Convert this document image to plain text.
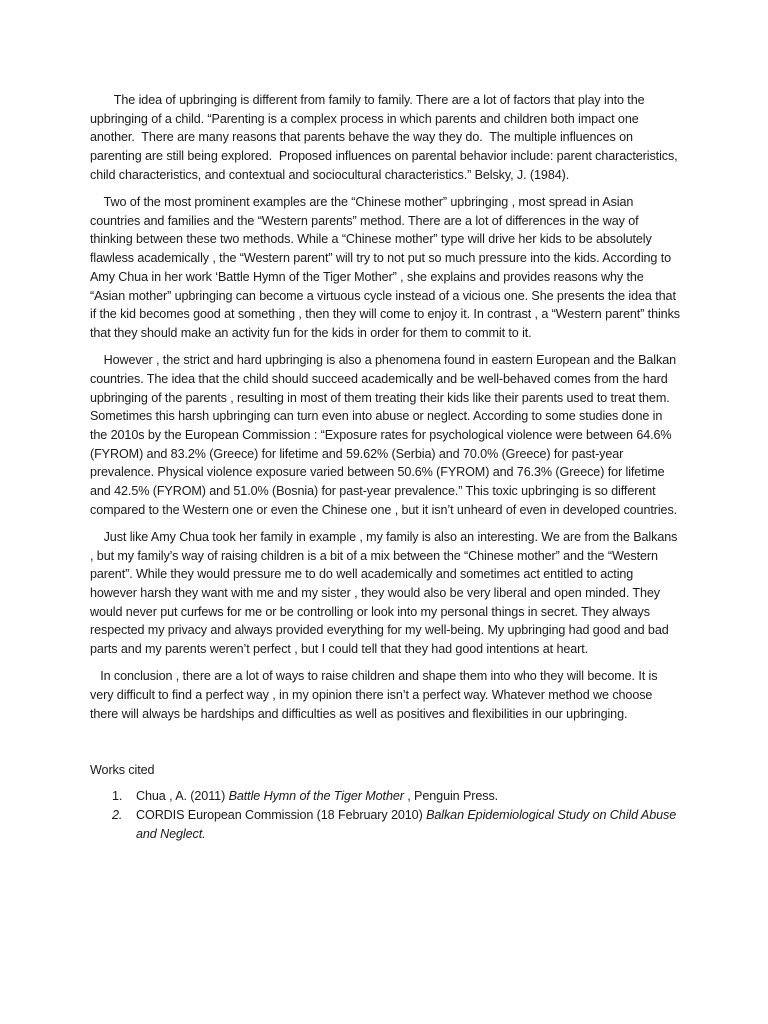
The idea of upbringing is different from family to family. There are a lot of factors that play into the upbringing of a child. “Parenting is a complex process in which parents and children both impact one another.  There are many reasons that parents behave the way they do.  The multiple influences on parenting are still being explored.  Proposed influences on parental behavior include: parent characteristics, child characteristics, and contextual and sociocultural characteristics.” Belsky, J. (1984).

Two of the most prominent examples are the “Chinese mother” upbringing , most spread in Asian countries and families and the “Western parents” method. There are a lot of differences in the way of thinking between these two methods. While a “Chinese mother” type will drive her kids to be absolutely flawless academically , the “Western parent” will try to not put so much pressure into the kids. According to Amy Chua in her work ‘Battle Hymn of the Tiger Mother” , she explains and provides reasons why the “Asian mother” upbringing can become a virtuous cycle instead of a vicious one. She presents the idea that if the kid becomes good at something , then they will come to enjoy it. In contrast , a “Western parent” thinks that they should make an activity fun for the kids in order for them to commit to it.

However , the strict and hard upbringing is also a phenomena found in eastern European and the Balkan countries. The idea that the child should succeed academically and be well-behaved comes from the hard upbringing of the parents , resulting in most of them treating their kids like their parents used to treat them. Sometimes this harsh upbringing can turn even into abuse or neglect. According to some studies done in the 2010s by the European Commission : “Exposure rates for psychological violence were between 64.6% (FYROM) and 83.2% (Greece) for lifetime and 59.62% (Serbia) and 70.0% (Greece) for past-year prevalence. Physical violence exposure varied between 50.6% (FYROM) and 76.3% (Greece) for lifetime and 42.5% (FYROM) and 51.0% (Bosnia) for past-year prevalence.” This toxic upbringing is so different compared to the Western one or even the Chinese one , but it isn’t unheard of even in developed countries.

Just like Amy Chua took her family in example , my family is also an interesting. We are from the Balkans , but my family’s way of raising children is a bit of a mix between the “Chinese mother” and the “Western parent”. While they would pressure me to do well academically and sometimes act entitled to acting however harsh they want with me and my sister , they would also be very liberal and open minded. They would never put curfews for me or be controlling or look into my personal things in secret. They always respected my privacy and always provided everything for my well-being. My upbringing had good and bad parts and my parents weren’t perfect , but I could tell that they had good intentions at heart.

In conclusion , there are a lot of ways to raise children and shape them into who they will become. It is very difficult to find a perfect way , in my opinion there isn’t a perfect way. Whatever method we choose there will always be hardships and difficulties as well as positives and flexibilities in our upbringing.

Works cited
1. Chua , A. (2011) Battle Hymn of the Tiger Mother , Penguin Press.
2. CORDIS European Commission (18 February 2010) Balkan Epidemiological Study on Child Abuse and Neglect.
